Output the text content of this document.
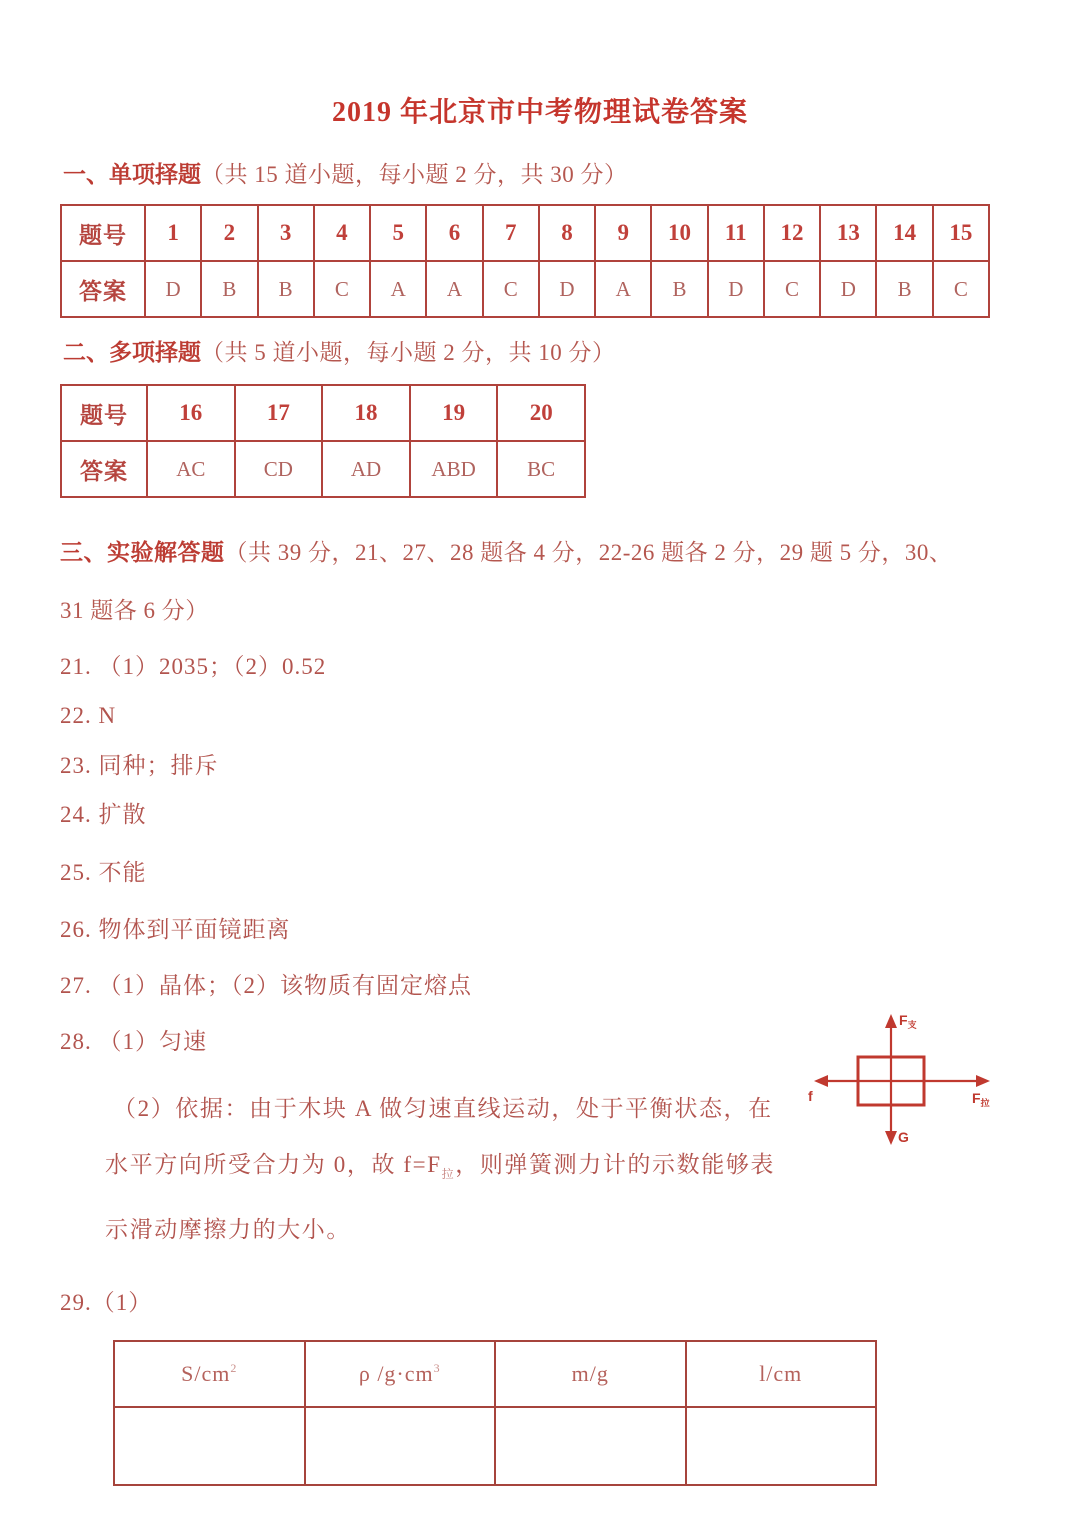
2019 年北京市中考物理试卷答案
一、单项择题（共 15 道小题，每小题 2 分，共 30 分）
题号	1	2	3	4	5	6	7	8	9	10	11	12	13	14	15
答案	D	B	B	C	A	A	C	D	A	B	D	C	D	B	C
二、多项择题（共 5 道小题，每小题 2 分，共 10 分）
题号	16	17	18	19	20
答案	AC	CD	AD	ABD	BC
三、实验解答题（共 39 分，21、27、28 题各 4 分，22-26 题各 2 分，29 题 5 分，30、
31 题各 6 分）
21. （1）2035；（2）0.52
22. N
23. 同种；排斥
24. 扩散
25. 不能
26. 物体到平面镜距离
27. （1）晶体；（2）该物质有固定熔点
28. （1）匀速
（2）依据：由于木块 A 做匀速直线运动，处于平衡状态，在
水平方向所受合力为 0，故 $f=F_拉$，则弹簧测力计的示数能够表
示滑动摩擦力的大小。
$F_支$
f	$F_拉$
G
29.（1）
$S/cm^2$	ρ $/g\cdot cm^3$	m/g	l/cm
